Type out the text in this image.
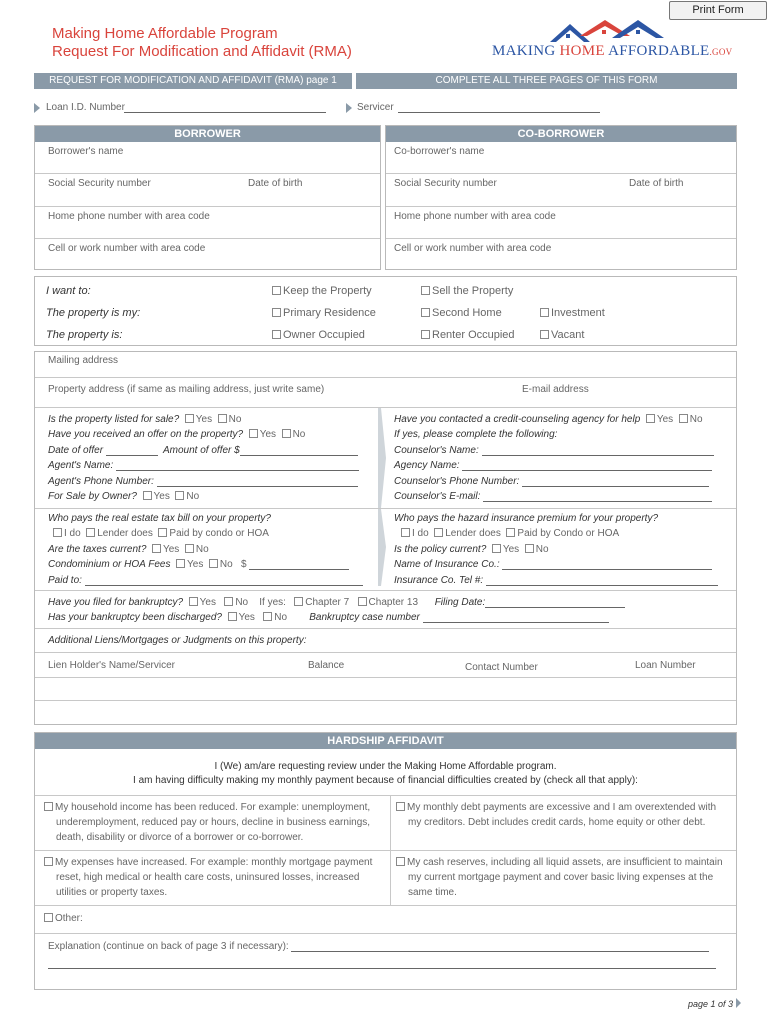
Print Form
Making Home Affordable Program
Request For Modification and Affidavit (RMA)	MAKING HOME AFFORDABLE.GOV
REQUEST FOR MODIFICATION AND AFFIDAVIT (RMA) page 1	COMPLETE ALL THREE PAGES OF THIS FORM
Loan I.D. Number	Servicer
BORROWER
Borrower's name
Social Security number	Date of birth
Home phone number with area code
Cell or work number with area code
CO-BORROWER
Co-borrower's name
Social Security number	Date of birth
Home phone number with area code
Cell or work number with area code
I want to:	Keep the Property	Sell the Property
The property is my:	Primary Residence	Second Home	Investment
The property is:	Owner Occupied	Renter Occupied	Vacant
Mailing address
Property address (if same as mailing address, just write same)	E-mail address
Is the property listed for sale? Yes No
Have you received an offer on the property? Yes No
Date of offer	Amount of offer $
Agent's Name:
Agent's Phone Number:
For Sale by Owner? Yes No
Have you contacted a credit-counseling agency for help Yes No
If yes, please complete the following:
Counselor's Name:
Agency Name:
Counselor's Phone Number:
Counselor's E-mail:
Who pays the real estate tax bill on your property?
I do Lender does Paid by condo or HOA
Are the taxes current? Yes No
Condominium or HOA Fees Yes No $
Paid to:
Who pays the hazard insurance premium for your property?
I do Lender does Paid by Condo or HOA
Is the policy current? Yes No
Name of Insurance Co.:
Insurance Co. Tel #:
Have you filed for bankruptcy? Yes No If yes: Chapter 7 Chapter 13 Filing Date:
Has your bankruptcy been discharged? Yes No Bankruptcy case number
Additional Liens/Mortgages or Judgments on this property:
Lien Holder's Name/Servicer	Balance	Contact Number	Loan Number
HARDSHIP AFFIDAVIT
I (We) am/are requesting review under the Making Home Affordable program.
I am having difficulty making my monthly payment because of financial difficulties created by (check all that apply):
My household income has been reduced. For example: unemployment,
underemployment, reduced pay or hours, decline in business earnings,
death, disability or divorce of a borrower or co-borrower.
My monthly debt payments are excessive and I am overextended with
my creditors. Debt includes credit cards, home equity or other debt.
My expenses have increased. For example: monthly mortgage payment
reset, high medical or health care costs, uninsured losses, increased
utilities or property taxes.
My cash reserves, including all liquid assets, are insufficient to maintain
my current mortgage payment and cover basic living expenses at the
same time.
Other:
Explanation (continue on back of page 3 if necessary):
page 1 of 3
